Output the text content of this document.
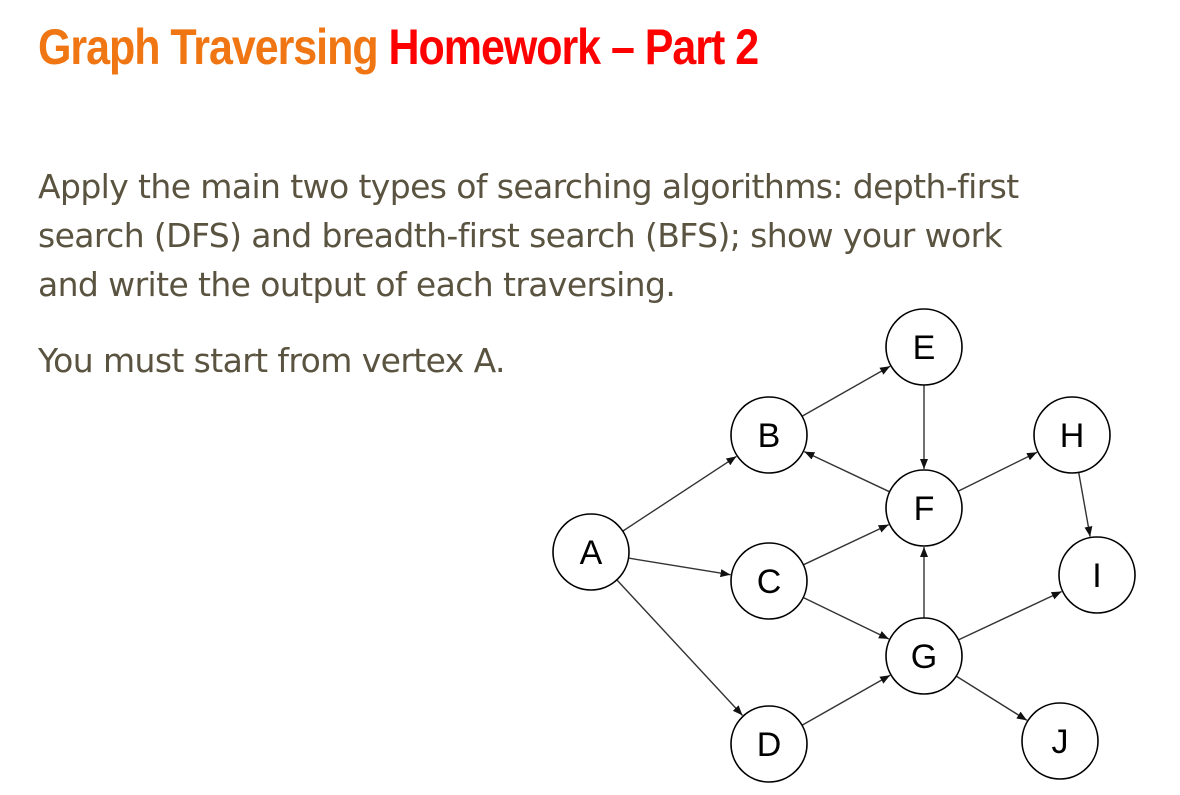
Graph Traversing Homework – Part 2

Apply the main two types of searching algorithms: depth-first
search (DFS) and breadth-first search (BFS); show your work
and write the output of each traversing.

You must start from vertex A.

A
B
C
D
E
F
G
H
I
J
